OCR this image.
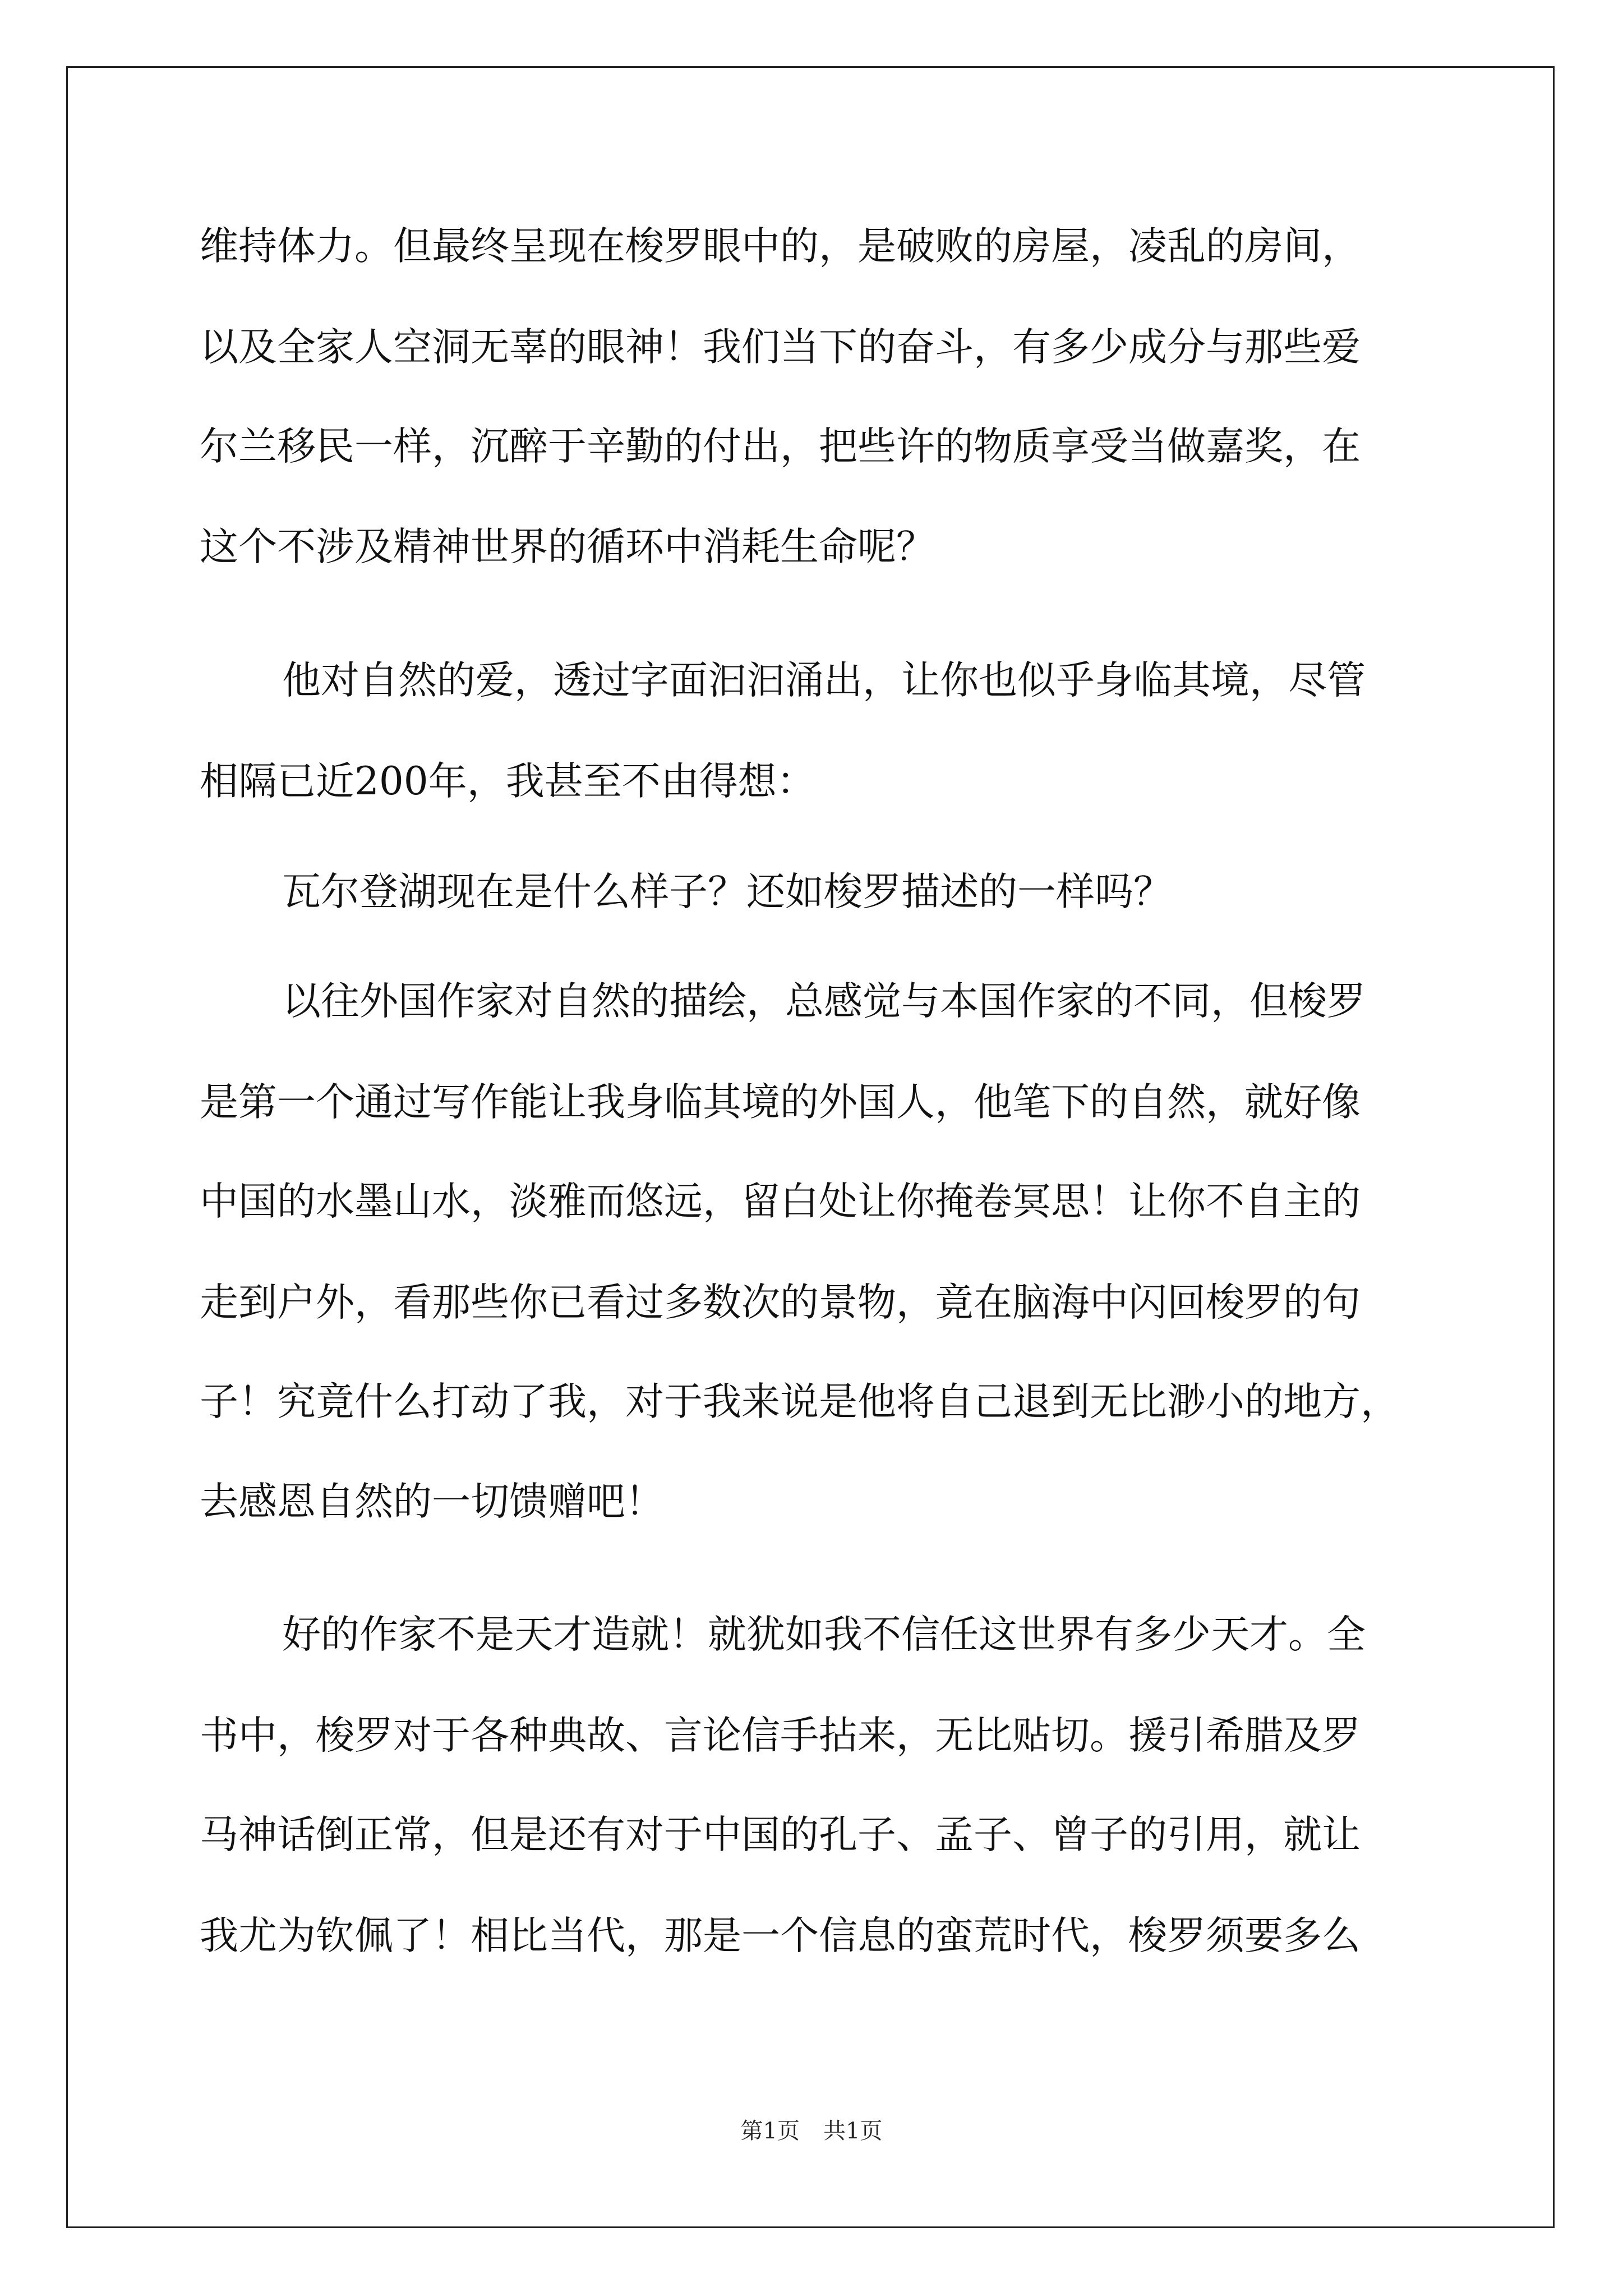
维持体力。但最终呈现在梭罗眼中的，是破败的房屋，凌乱的房间，
以及全家人空洞无辜的眼神！我们当下的奋斗，有多少成分与那些爱
尔兰移民一样，沉醉于辛勤的付出，把些许的物质享受当做嘉奖，在
这个不涉及精神世界的循环中消耗生命呢？
他对自然的爱，透过字面汩汩涌出，让你也似乎身临其境，尽管
相隔已近200年，我甚至不由得想：
瓦尔登湖现在是什么样子？还如梭罗描述的一样吗？
以往外国作家对自然的描绘，总感觉与本国作家的不同，但梭罗
是第一个通过写作能让我身临其境的外国人，他笔下的自然，就好像
中国的水墨山水，淡雅而悠远，留白处让你掩卷冥思！让你不自主的
走到户外，看那些你已看过多数次的景物，竟在脑海中闪回梭罗的句
子！究竟什么打动了我，对于我来说是他将自己退到无比渺小的地方，
去感恩自然的一切馈赠吧！
好的作家不是天才造就！就犹如我不信任这世界有多少天才。全
书中，梭罗对于各种典故、言论信手拈来，无比贴切。援引希腊及罗
马神话倒正常，但是还有对于中国的孔子、孟子、曾子的引用，就让
我尤为钦佩了！相比当代，那是一个信息的蛮荒时代，梭罗须要多么
第1页 共1页
